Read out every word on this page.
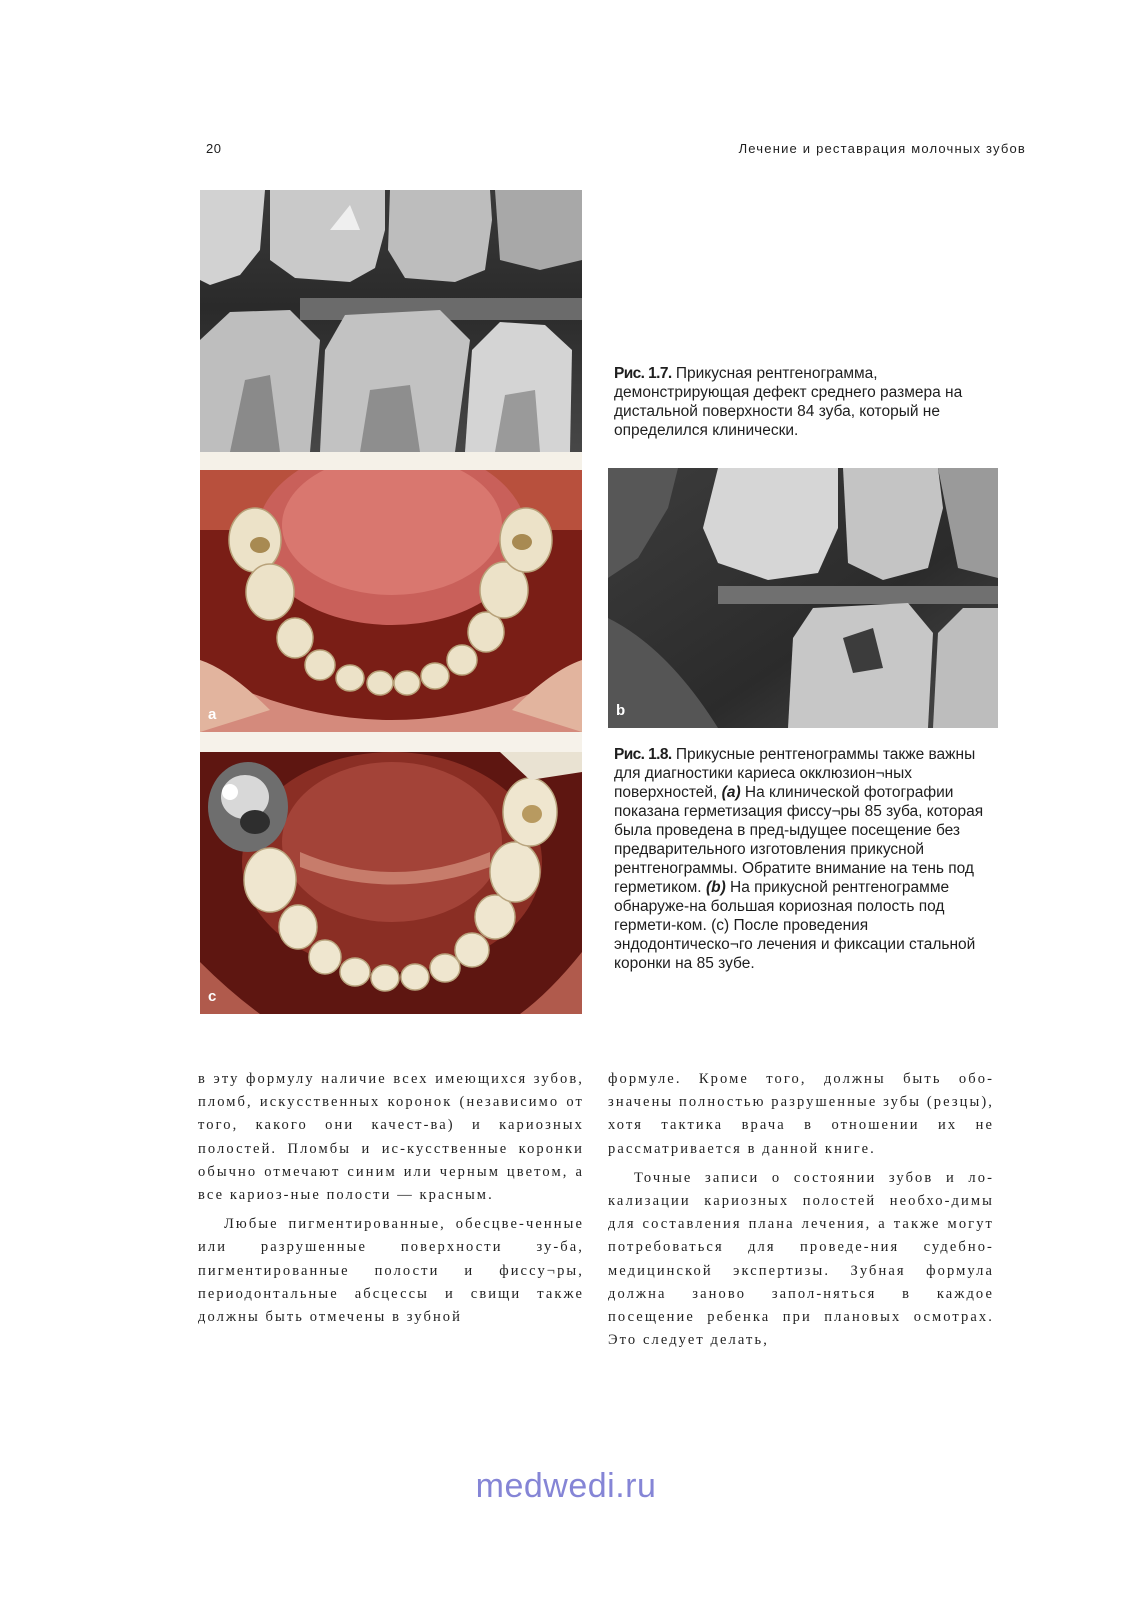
20	Лечение и реставрация молочных зубов
a
c
Рис. 1.7. Прикусная рентгенограмма, демонстрирующая дефект среднего размера на дистальной поверхности 84 зуба, который не определился клинически.
b
Рис. 1.8. Прикусные рентгенограммы также важны для диагностики кариеса окклюзион¬ных поверхностей, (a) На клинической фотографии показана герметизация фиссу¬ры 85 зуба, которая была проведена в пред-ыдущее посещение без предварительного изготовления прикусной рентгенограммы. Обратите внимание на тень под герметиком. (b) На прикусной рентгенограмме обнаруже-на большая кориозная полость под гермети-ком. (с) После проведения эндодонтическо¬го лечения и фиксации стальной коронки на 85 зубе.

в эту формулу наличие всех имеющихся зубов, пломб, искусственных коронок (независимо от того, какого они качест-ва) и кариозных полостей. Пломбы и ис-кусственные коронки обычно отмечают синим или черным цветом, а все кариоз-ные полости — красным.

Любые пигментированные, обесцве-ченные или разрушенные поверхности зу-ба, пигментированные полости и фиссу¬ры, периодонтальные абсцессы и свищи также должны быть отмечены в зубной

формуле. Кроме того, должны быть обо-значены полностью разрушенные зубы (резцы), хотя тактика врача в отношении их не рассматривается в данной книге.

Точные записи о состоянии зубов и ло-кализации кариозных полостей необхо-димы для составления плана лечения, а также могут потребоваться для проведе-ния судебно-медицинской экспертизы. Зубная формула должна заново запол-няться в каждое посещение ребенка при плановых осмотрах. Это следует делать,

medwedi.ru
